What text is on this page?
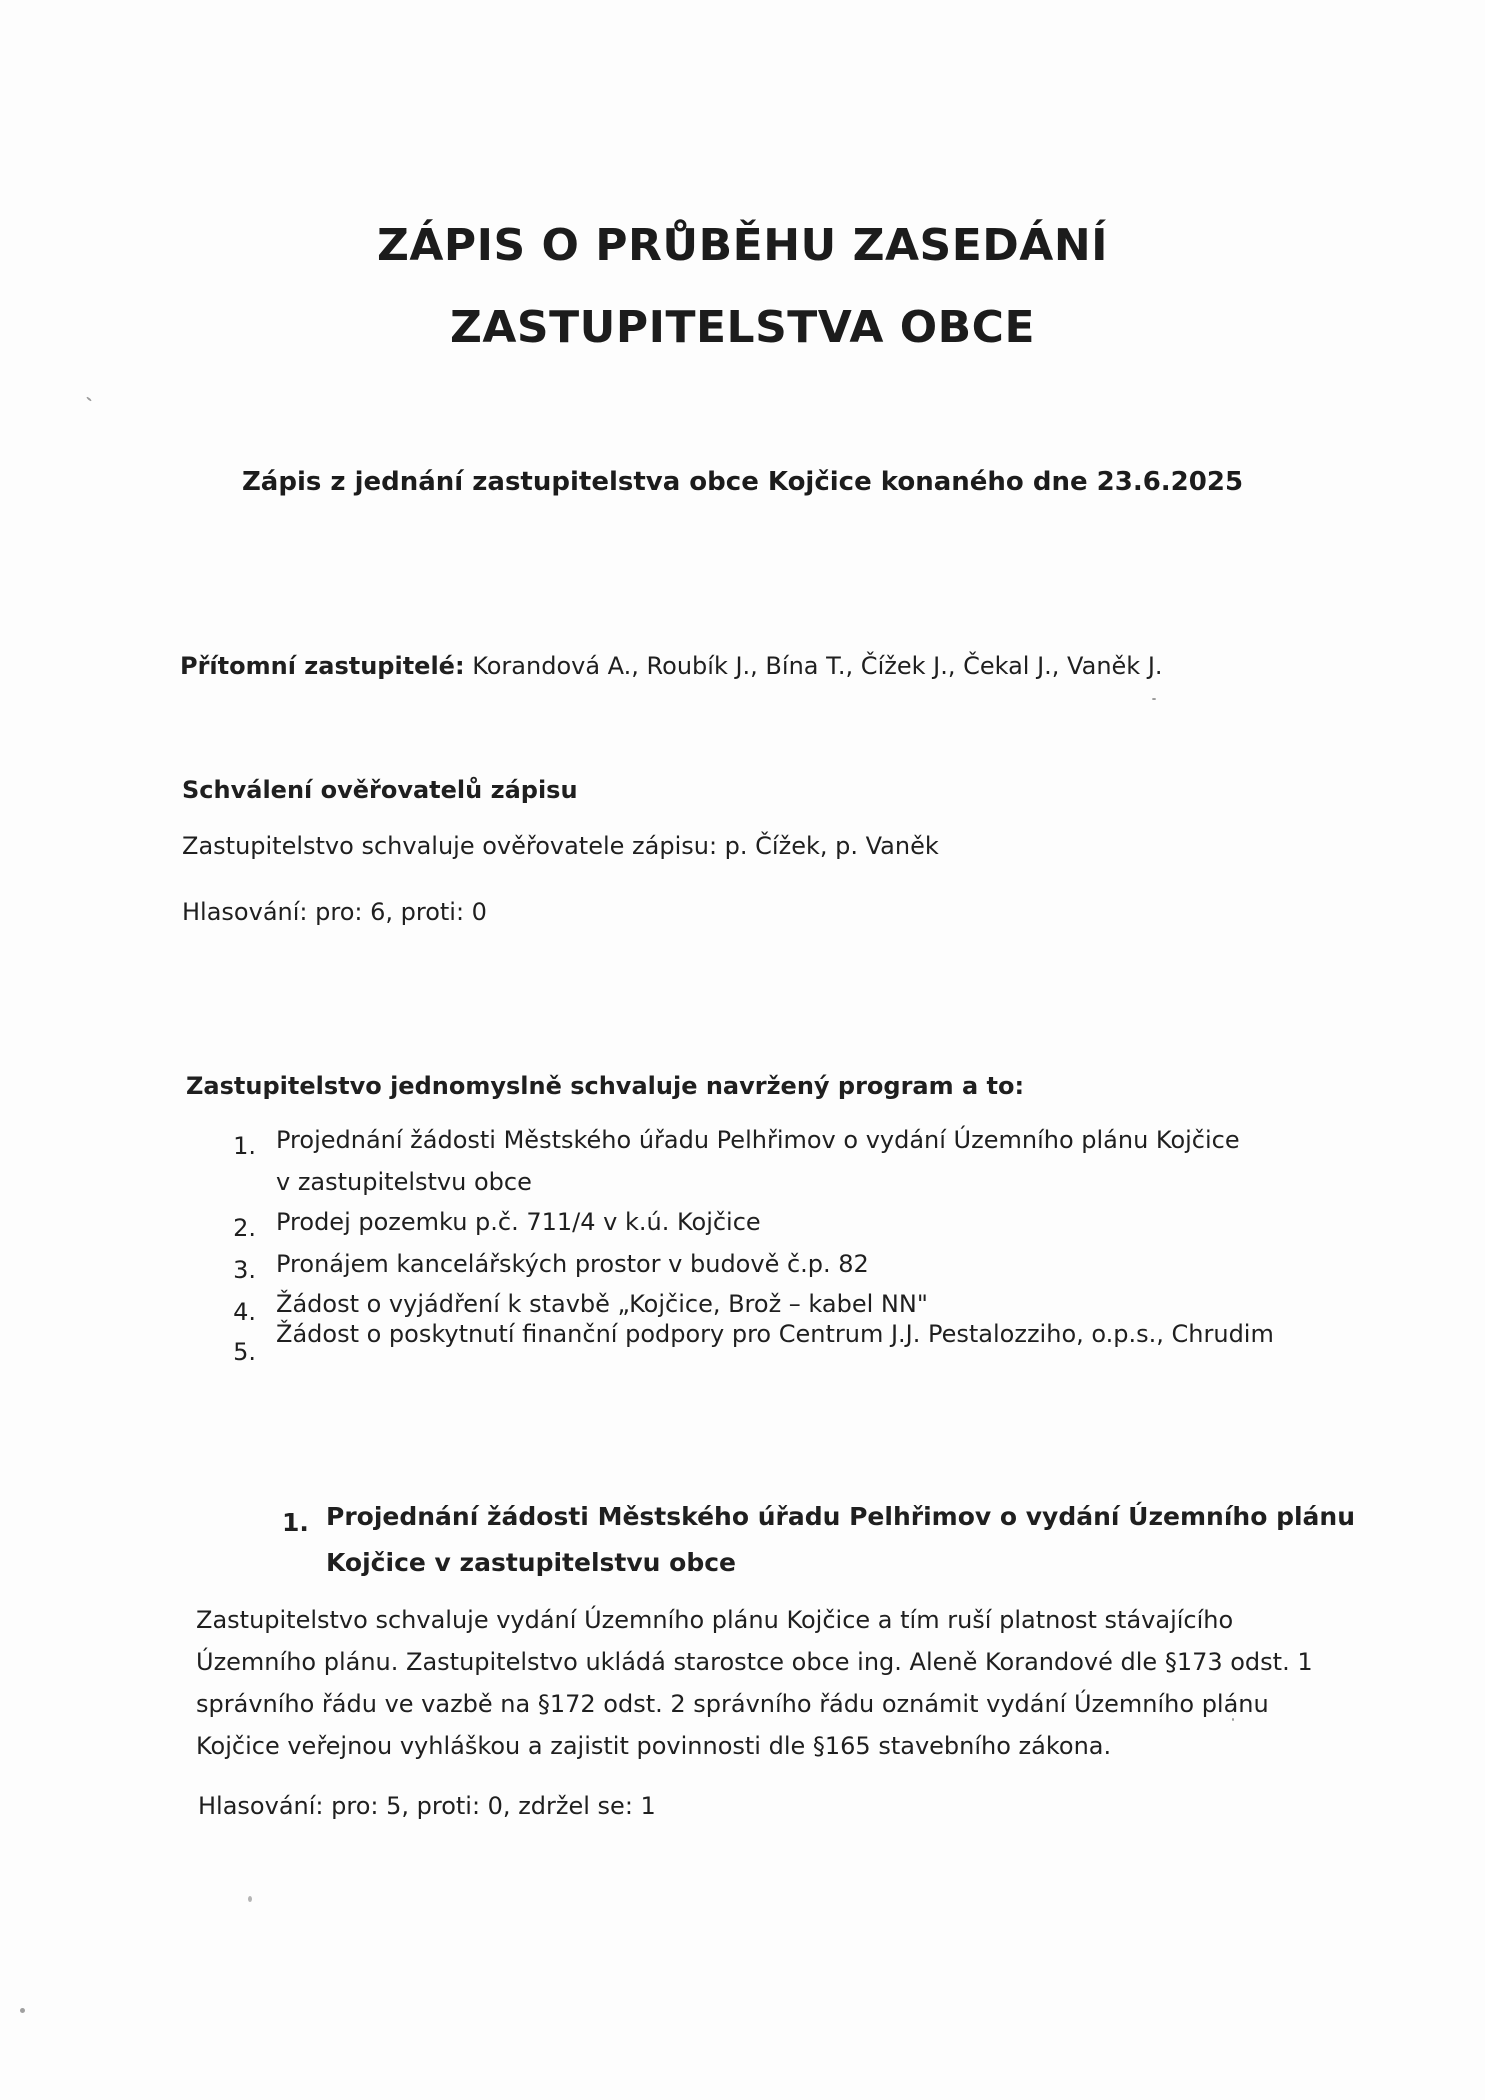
ZÁPIS O PRŮBĚHU ZASEDÁNÍ
ZASTUPITELSTVA OBCE
Zápis z jednání zastupitelstva obce Kojčice konaného dne 23.6.2025
Přítomní zastupitelé: Korandová A., Roubík J., Bína T., Čížek J., Čekal J., Vaněk J.
Schválení ověřovatelů zápisu
Zastupitelstvo schvaluje ověřovatele zápisu: p. Čížek, p. Vaněk
Hlasování: pro: 6, proti: 0
Zastupitelstvo jednomyslně schvaluje navržený program a to:
1. Projednání žádosti Městského úřadu Pelhřimov o vydání Územního plánu Kojčice
v zastupitelstvu obce
2. Prodej pozemku p.č. 711/4 v k.ú. Kojčice
3. Pronájem kancelářských prostor v budově č.p. 82
4. Žádost o vyjádření k stavbě „Kojčice, Brož – kabel NN"
5.
Žádost o poskytnutí finanční podpory pro Centrum J.J. Pestalozziho, o.p.s., Chrudim
1. Projednání žádosti Městského úřadu Pelhřimov o vydání Územního plánu
Kojčice v zastupitelstvu obce
Zastupitelstvo schvaluje vydání Územního plánu Kojčice a tím ruší platnost stávajícího
Územního plánu. Zastupitelstvo ukládá starostce obce ing. Aleně Korandové dle §173 odst. 1
správního řádu ve vazbě na §172 odst. 2 správního řádu oznámit vydání Územního plánu
Kojčice veřejnou vyhláškou a zajistit povinnosti dle §165 stavebního zákona.
Hlasování: pro: 5, proti: 0, zdržel se: 1
